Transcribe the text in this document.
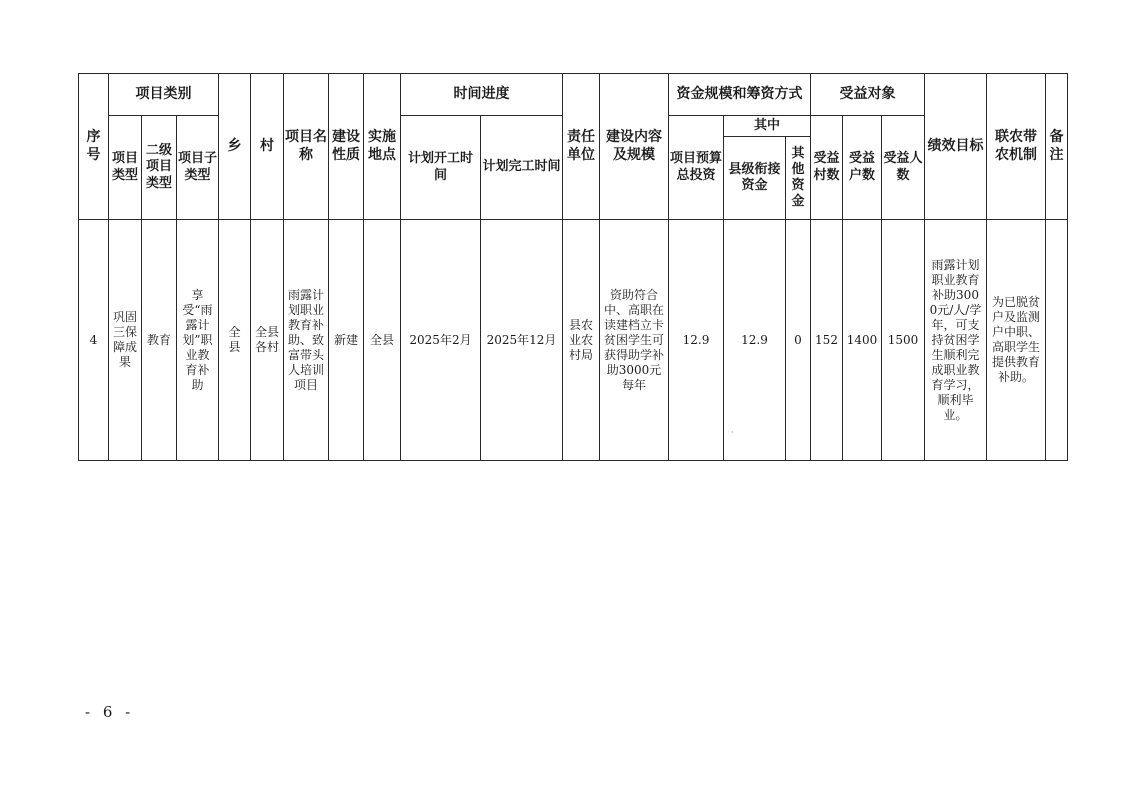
序号	项目类别			乡	村	项目名称	建设性质	实施地点	时间进度		责任单位	建设内容及规模	资金规模和筹资方式			受益对象			绩效目标	联农带农机制	备注
	项目类型	二级项目类型	项目子类型						计划开工时间	计划完工时间			项目预算总投资	其中		受益村数	受益户数	受益人数			
														县级衔接资金	其他资金						
4	巩固三保障成果	教育	享受“雨露计划”职业教育补助	全县	全县各村	雨露计划职业教育补助、致富带头人培训项目	新建	全县	2025年2月	2025年12月	县农业农村局	资助符合中、高职在读建档立卡贫困学生可获得助学补助3000元每年	12.9	12.9	0	152	1400	1500	雨露计划职业教育补助3000元/人/学年，可支持贫困学生顺利完成职业教育学习，顺利毕业。	为已脱贫户及监测户中职、高职学生提供教育补助。	
·
- 6 -
